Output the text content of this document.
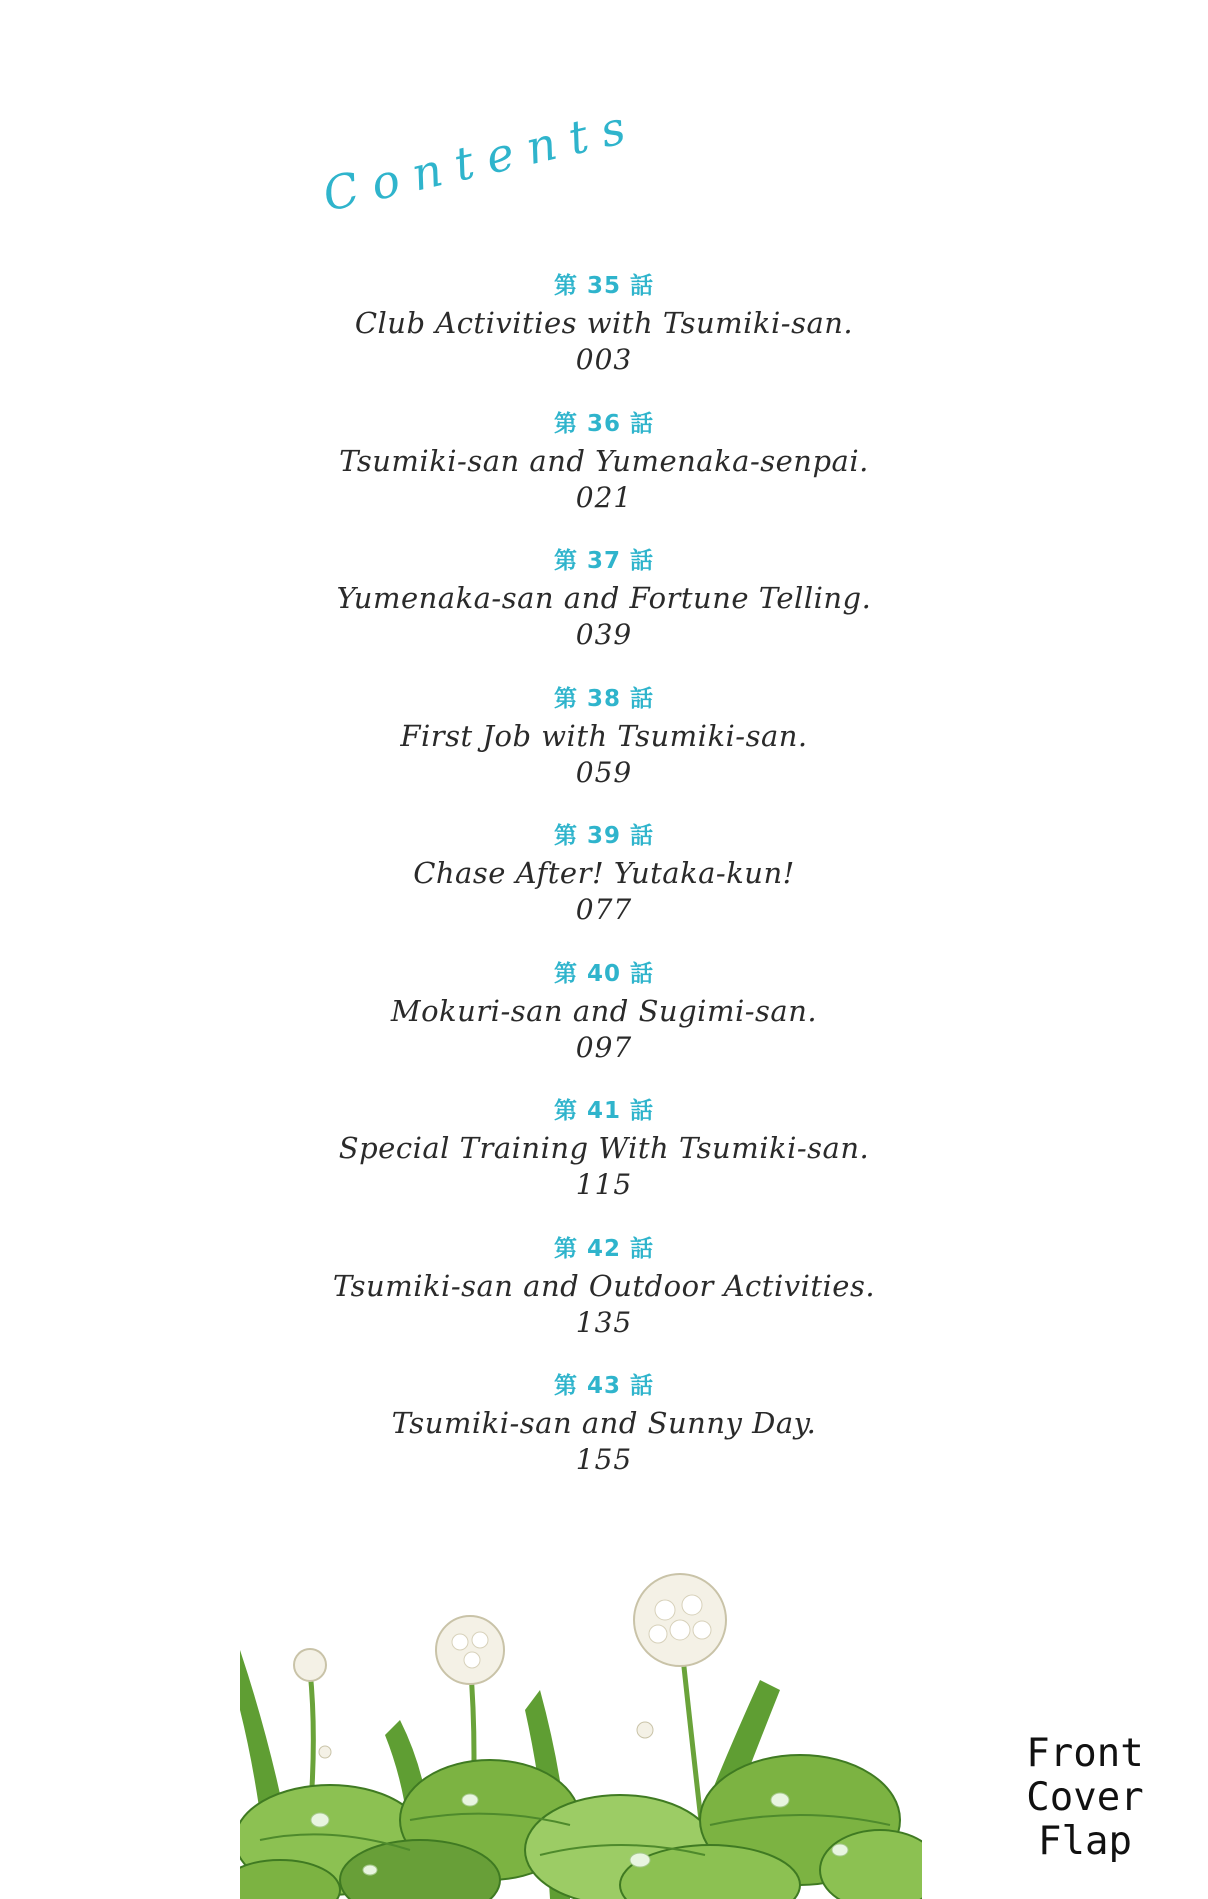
Contents
第 35 話
Club Activities with Tsumiki-san.
003
第 36 話
Tsumiki-san and Yumenaka-senpai.
021
第 37 話
Yumenaka-san and Fortune Telling.
039
第 38 話
First Job with Tsumiki-san.
059
第 39 話
Chase After! Yutaka-kun!
077
第 40 話
Mokuri-san and Sugimi-san.
097
第 41 話
Special Training With Tsumiki-san.
115
第 42 話
Tsumiki-san and Outdoor Activities.
135
第 43 話
Tsumiki-san and Sunny Day.
155
Front
Cover
Flap
